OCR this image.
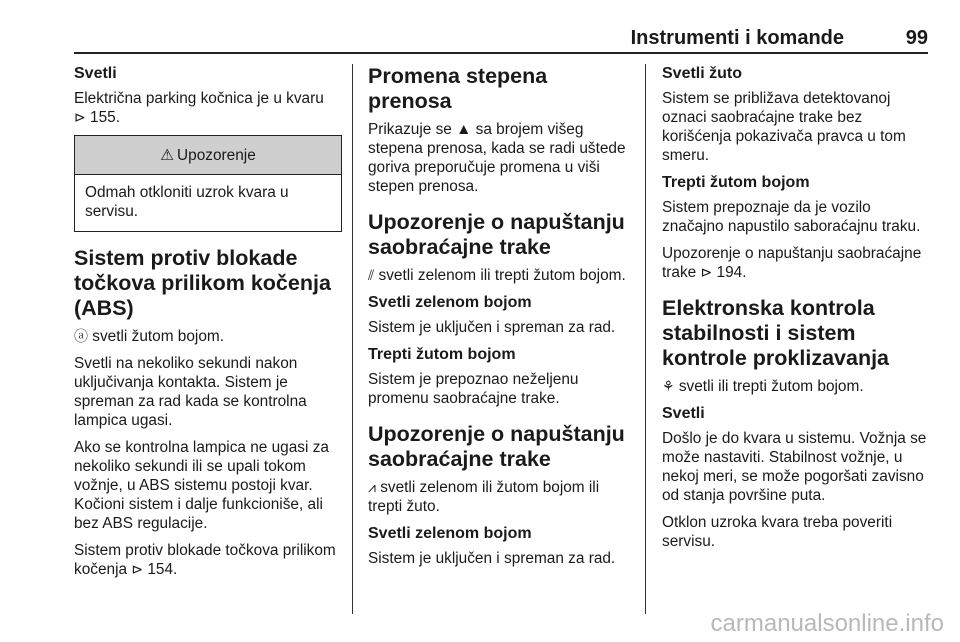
Instrumenti i komande	99
Svetli

Električna parking kočnica je u kvaru
⊳ 155.

⚠ Upozorenje
Odmah otkloniti uzrok kvara u servisu.
Sistem protiv blokade točkova prilikom kočenja (ABS)

ⓐ svetli žutom bojom.

Svetli na nekoliko sekundi nakon uključivanja kontakta. Sistem je spreman za rad kada se kontrolna lampica ugasi.

Ako se kontrolna lampica ne ugasi za nekoliko sekundi ili se upali tokom vožnje, u ABS sistemu postoji kvar. Kočioni sistem i dalje funkcioniše, ali bez ABS regulacije.

Sistem protiv blokade točkova prilikom kočenja ⊳ 154.

Promena stepena prenosa

Prikazuje se ▲ sa brojem višeg stepena prenosa, kada se radi uštede goriva preporučuje promena u viši stepen prenosa.

Upozorenje o napuštanju saobraćajne trake

⫽ svetli zelenom ili trepti žutom bojom.

Svetli zelenom bojom

Sistem je uključen i spreman za rad.

Trepti žutom bojom

Sistem je prepoznao neželjenu promenu saobraćajne trake.

Upozorenje o napuštanju saobraćajne trake

⩘ svetli zelenom ili žutom bojom ili trepti žuto.

Svetli zelenom bojom

Sistem je uključen i spreman za rad.

Svetli žuto

Sistem se približava detektovanoj oznaci saobraćajne trake bez korišćenja pokazivača pravca u tom smeru.

Trepti žutom bojom

Sistem prepoznaje da je vozilo značajno napustilo saborаćajnu traku.

Upozorenje o napuštanju saobraćajne trake ⊳ 194.

Elektronska kontrola stabilnosti i sistem kontrole proklizavanja

⚘ svetli ili trepti žutom bojom.

Svetli

Došlo je do kvara u sistemu. Vožnja se može nastaviti. Stabilnost vožnje, u nekoj meri, se može pogoršati zavisno od stanja površine puta.

Otklon uzroka kvara treba poveriti servisu.

carmanualsonline.info
